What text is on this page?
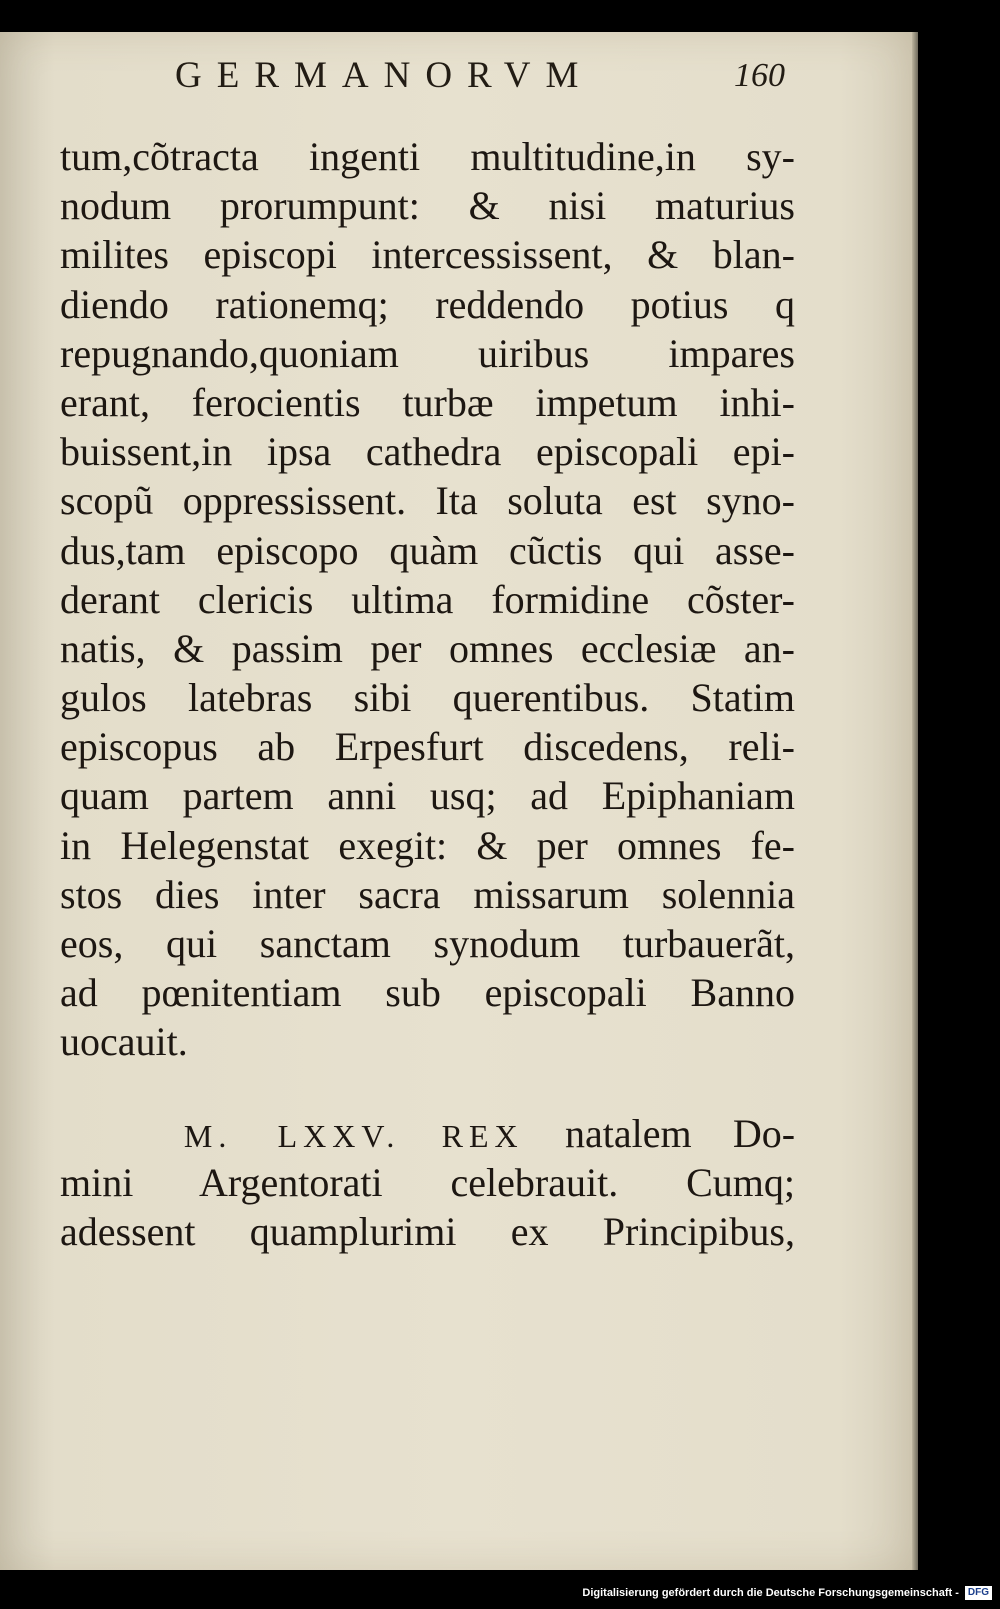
GERMANORVM	160
tum,cõtracta ingenti multitudine,in sy-
nodum prorumpunt: & nisi maturius
milites episcopi intercessissent, & blan-
diendo rationemq; reddendo potius q
repugnando,quoniam uiribus impares
erant, ferocientis turbæ impetum inhi-
buissent,in ipsa cathedra episcopali epi-
scopũ oppressissent. Ita soluta est syno-
dus,tam episcopo quàm cũctis qui asse-
derant clericis ultima formidine cõster-
natis, & passim per omnes ecclesiæ an-
gulos latebras sibi querentibus. Statim
episcopus ab Erpesfurt discedens, reli-
quam partem anni usq; ad Epiphaniam
in Helegenstat exegit: & per omnes fe-
stos dies inter sacra missarum solennia
eos, qui sanctam synodum turbauerãt,
ad pœnitentiam sub episcopali Banno
uocauit.
M. LXXV. REX natalem Do-
mini Argentorati celebrauit. Cumq;
adessent quamplurimi ex Principibus,
Digitalisierung gefördert durch die Deutsche Forschungsgemeinschaft - DFG
